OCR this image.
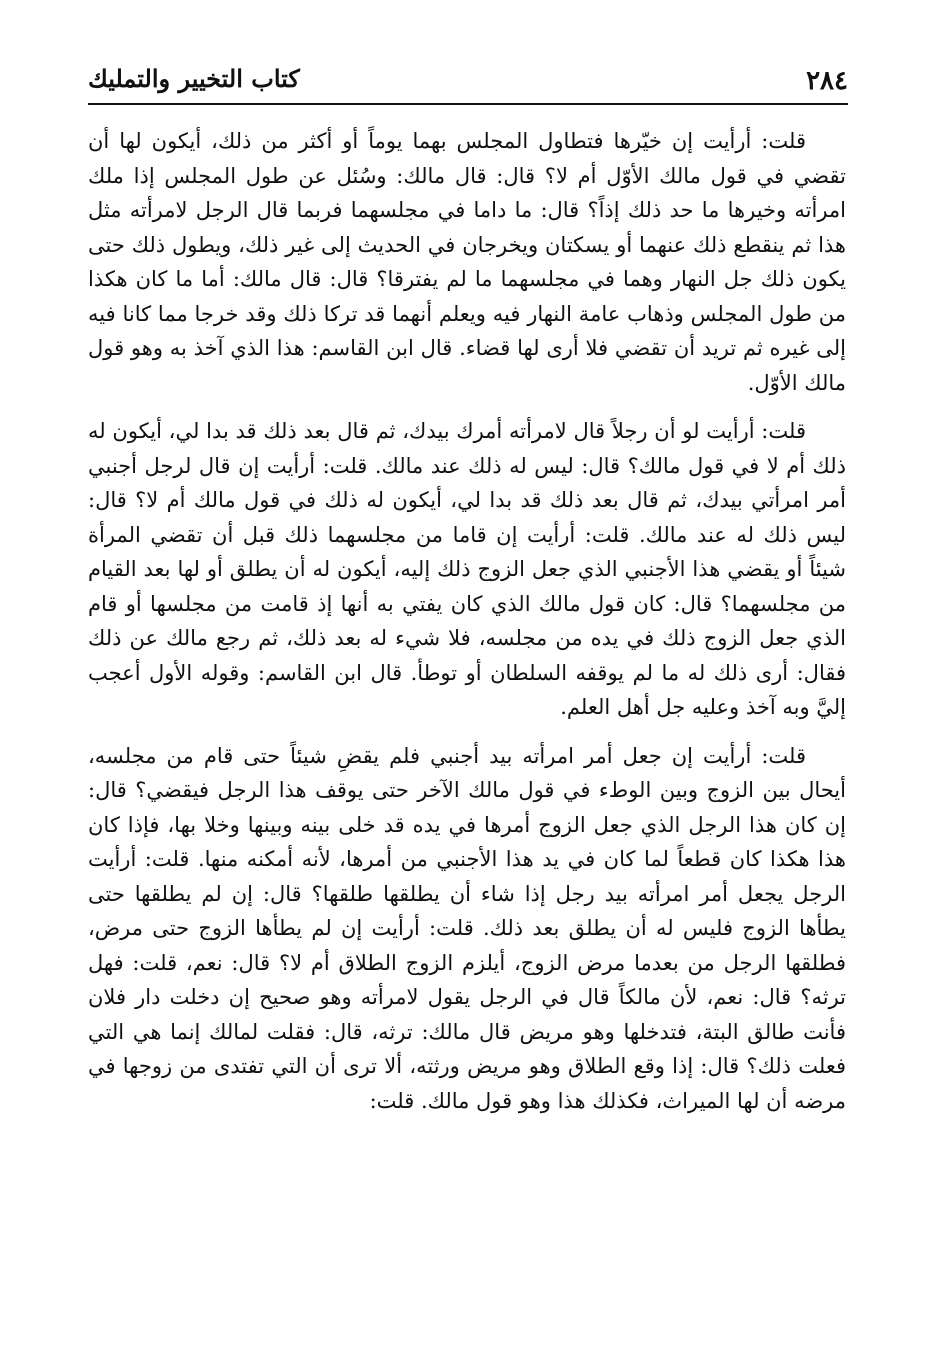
٢٨٤
كتاب التخيير والتمليك

قلت: أرأيت إن خيّرها فتطاول المجلس بهما يوماً أو أكثر من ذلك، أيكون لها أن تقضي في قول مالك الأوّل أم لا؟ قال: قال مالك: وسُئل عن طول المجلس إذا ملك امرأته وخيرها ما حد ذلك إذاً؟ قال: ما داما في مجلسهما فربما قال الرجل لامرأته مثل هذا ثم ينقطع ذلك عنهما أو يسكتان ويخرجان في الحديث إلى غير ذلك، ويطول ذلك حتى يكون ذلك جل النهار وهما في مجلسهما ما لم يفترقا؟ قال: قال مالك: أما ما كان هكذا من طول المجلس وذهاب عامة النهار فيه ويعلم أنهما قد تركا ذلك وقد خرجا مما كانا فيه إلى غيره ثم تريد أن تقضي فلا أرى لها قضاء. قال ابن القاسم: هذا الذي آخذ به وهو قول مالك الأوّل.

قلت: أرأيت لو أن رجلاً قال لامرأته أمرك بيدك، ثم قال بعد ذلك قد بدا لي، أيكون له ذلك أم لا في قول مالك؟ قال: ليس له ذلك عند مالك. قلت: أرأيت إن قال لرجل أجنبي أمر امرأتي بيدك، ثم قال بعد ذلك قد بدا لي، أيكون له ذلك في قول مالك أم لا؟ قال: ليس ذلك له عند مالك. قلت: أرأيت إن قاما من مجلسهما ذلك قبل أن تقضي المرأة شيئاً أو يقضي هذا الأجنبي الذي جعل الزوج ذلك إليه، أيكون له أن يطلق أو لها بعد القيام من مجلسهما؟ قال: كان قول مالك الذي كان يفتي به أنها إذ قامت من مجلسها أو قام الذي جعل الزوج ذلك في يده من مجلسه، فلا شيء له بعد ذلك، ثم رجع مالك عن ذلك فقال: أرى ذلك له ما لم يوقفه السلطان أو توطأ. قال ابن القاسم: وقوله الأول أعجب إليَّ وبه آخذ وعليه جل أهل العلم.

قلت: أرأيت إن جعل أمر امرأته بيد أجنبي فلم يقضِ شيئاً حتى قام من مجلسه، أيحال بين الزوج وبين الوطء في قول مالك الآخر حتى يوقف هذا الرجل فيقضي؟ قال: إن كان هذا الرجل الذي جعل الزوج أمرها في يده قد خلى بينه وبينها وخلا بها، فإذا كان هذا هكذا كان قطعاً لما كان في يد هذا الأجنبي من أمرها، لأنه أمكنه منها. قلت: أرأيت الرجل يجعل أمر امرأته بيد رجل إذا شاء أن يطلقها طلقها؟ قال: إن لم يطلقها حتى يطأها الزوج فليس له أن يطلق بعد ذلك. قلت: أرأيت إن لم يطأها الزوج حتى مرض، فطلقها الرجل من بعدما مرض الزوج، أيلزم الزوج الطلاق أم لا؟ قال: نعم، قلت: فهل ترثه؟ قال: نعم، لأن مالكاً قال في الرجل يقول لامرأته وهو صحيح إن دخلت دار فلان فأنت طالق البتة، فتدخلها وهو مريض قال مالك: ترثه، قال: فقلت لمالك إنما هي التي فعلت ذلك؟ قال: إذا وقع الطلاق وهو مريض ورثته، ألا ترى أن التي تفتدى من زوجها في مرضه أن لها الميراث، فكذلك هذا وهو قول مالك. قلت:
